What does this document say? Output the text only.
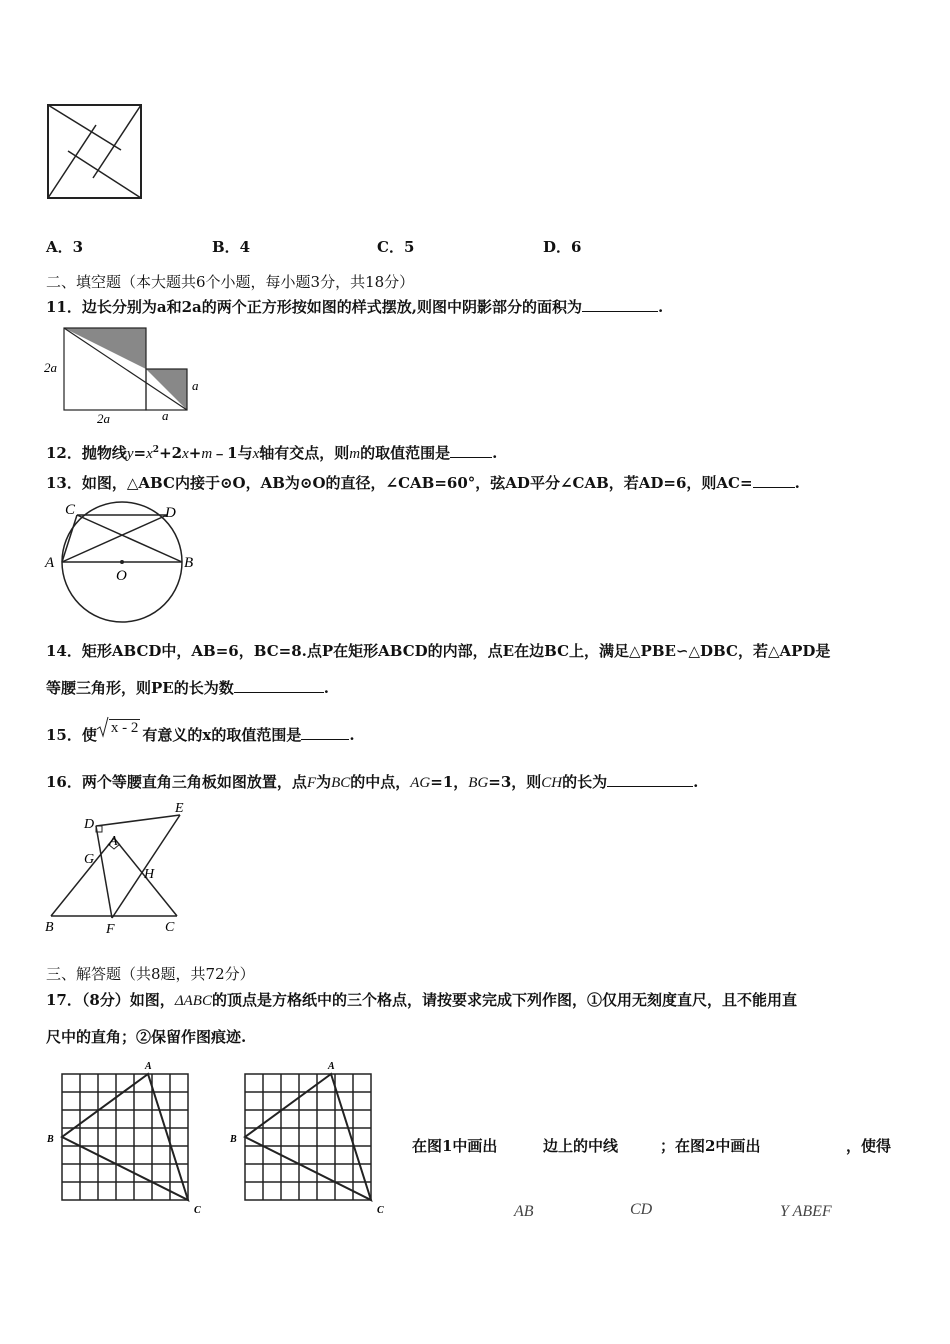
A．3	B．4	C．5	D．6
二、填空题（本大题共6个小题，每小题3分，共18分）
11．边长分别为a和2a的两个正方形按如图的样式摆放,则图中阴影部分的面积为	.
2a
2a	a
a
12．抛物线$y=x^2+2x+m﹣1$与x轴有交点，则m的取值范围是	.
13．如图，△ABC内接于⊙O，AB为⊙O的直径，∠CAB=60°，弦AD平分∠CAB，若AD=6，则AC=	.
C	D
A	B
O
14．矩形ABCD中，AB=6，BC=8.点P在矩形ABCD的内部，点E在边BC上，满足△PBE∽△DBC，若△APD是
等腰三角形，则PE的长为数	.
15．使 x - 2 有意义的x的取值范围是	.
16．两个等腰直角三角板如图放置，点F为BC的中点，AG=1，BG=3，则CH的长为	.
D
E
A
G
H
B	F	C
三、解答题（共8题，共72分）
17．（8分）如图，ΔABC的顶点是方格纸中的三个格点，请按要求完成下列作图，①仅用无刻度直尺，且不能用直
尺中的直角；②保留作图痕迹.
A
B
C
A
B
C
在图1中画出	边上的中线	；在图2中画出	，使得
AB	CD	Y ABEF
